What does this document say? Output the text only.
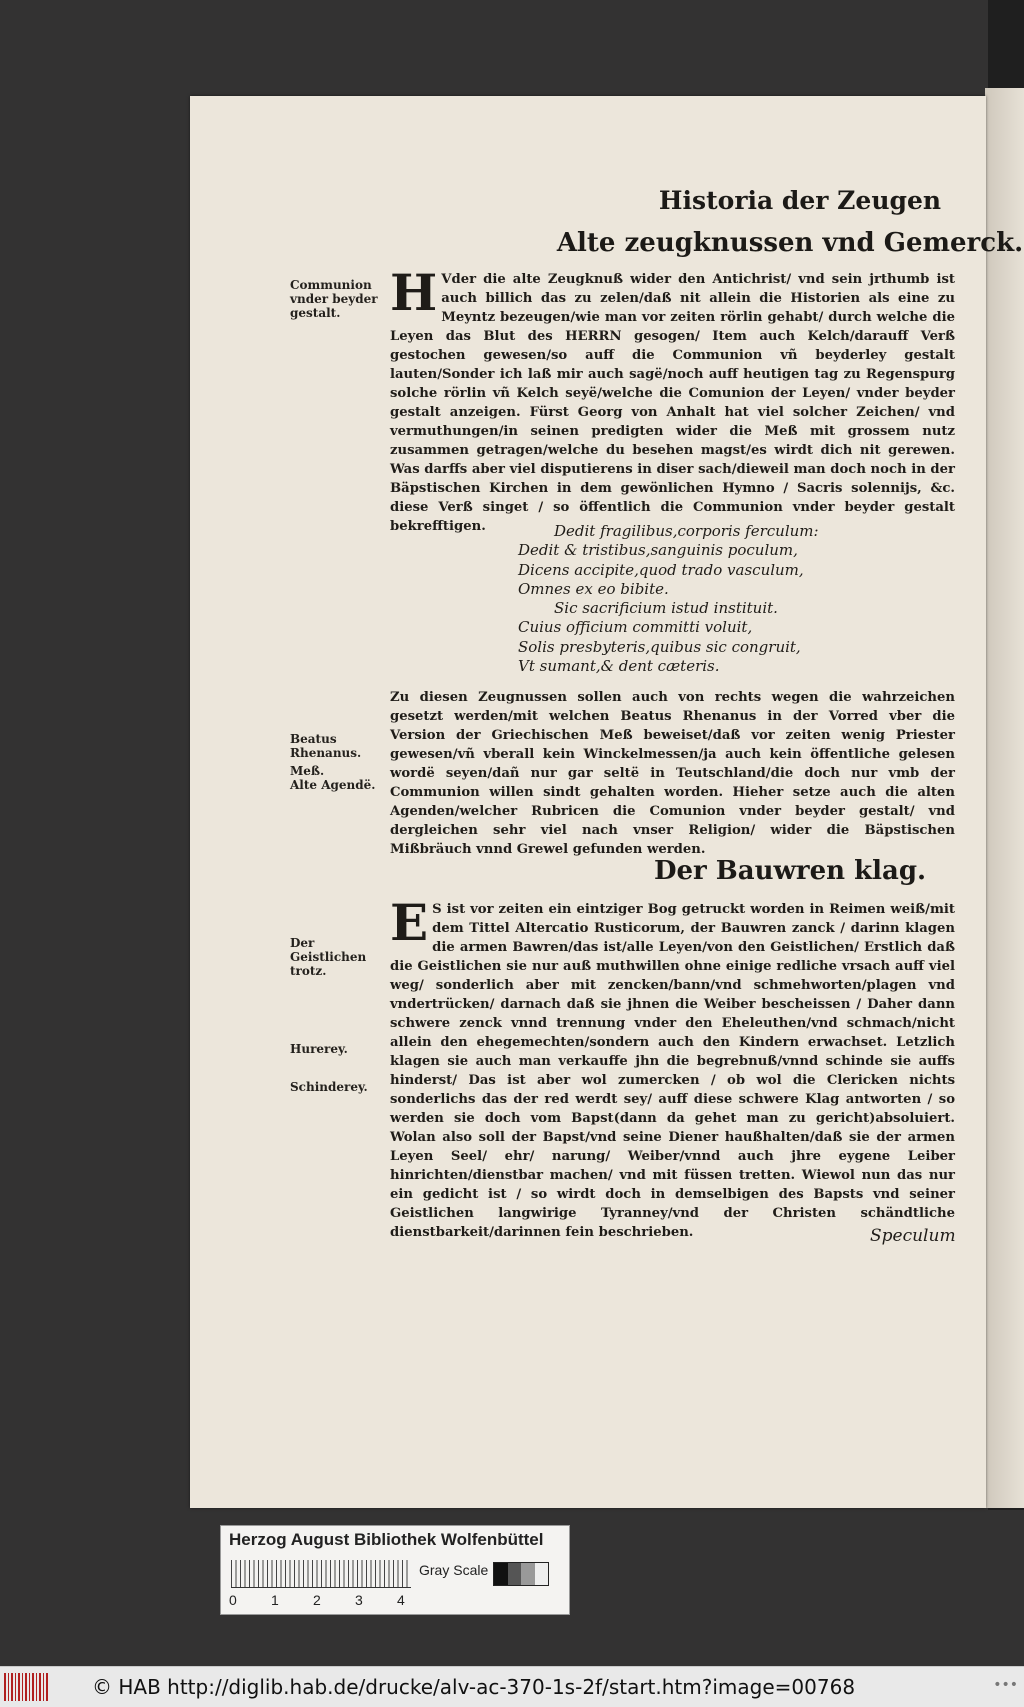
Historia der Zeugen
Alte zeugknussen vnd Gemerck.
Communion vnder beyder gestalt. H Vder die alte Zeugknuß wider den Antichrist/ vnd sein jrthumb ist auch billich das zu zelen/daß nit allein die Historien als eine zu Meyntz bezeugen/wie man vor zeiten rörlin gehabt/ durch welche die Leyen das Blut des HERRN gesogen/ Item auch Kelch/darauff Verß gestochen gewesen/so auff die Communion vñ beyderley gestalt lauten/Sonder ich laß mir auch sagë/noch auff heutigen tag zu Regenspurg solche rörlin vñ Kelch seyë/welche die Comunion der Leyen/ vnder beyder gestalt anzeigen. Fürst Georg von Anhalt hat viel solcher Zeichen/ vnd vermuthungen/in seinen predigten wider die Meß mit grossem nutz zusammen getragen/welche du besehen magst/es wirdt dich nit gerewen. Was darffs aber viel disputierens in diser sach/dieweil man doch noch in der Bäpstischen Kirchen in dem gewönlichen Hymno / Sacris solennijs, &c. diese Verß singet / so öffentlich die Communion vnder beyder gestalt bekrefftigen.	Dedit fragilibus,corporis ferculum:
Dedit & tristibus,sanguinis poculum,
Dicens accipite,quod trado vasculum,
Omnes ex eo bibite.
Sic sacrificium istud instituit.
Cuius officium committi voluit,
Solis presbyteris,quibus sic congruit,
Vt sumant,& dent cæteris.
Beatus Rhenanus.
Meß.
Alte Agendë.
Zu diesen Zeugnussen sollen auch von rechts wegen die wahrzeichen gesetzt werden/mit welchen Beatus Rhenanus in der Vorred vber die Version der Griechischen Meß beweiset/daß vor zeiten wenig Priester gewesen/vñ vberall kein Winckelmessen/ja auch kein öffentliche gelesen wordë seyen/dañ nur gar seltë in Teutschland/die doch nur vmb der Communion willen sindt gehalten worden. Hieher setze auch die alten Agenden/welcher Rubricen die Comunion vnder beyder gestalt/ vnd dergleichen sehr viel nach vnser Religion/ wider die Bäpstischen Mißbräuch vnnd Grewel gefunden werden.
Der Bauwren klag.
Der Geistlichen trotz.
Hurerey.
Schinderey.
E S ist vor zeiten ein eintziger Bog getruckt worden in Reimen weiß/mit dem Tittel Altercatio Rusticorum, der Bauwren zanck / darinn klagen die armen Bawren/das ist/alle Leyen/von den Geistlichen/ Erstlich daß die Geistlichen sie nur auß muthwillen ohne einige redliche vrsach auff viel weg/ sonderlich aber mit zencken/bann/vnd schmehworten/plagen vnd vndertrücken/ darnach daß sie jhnen die Weiber bescheissen / Daher dann schwere zenck vnnd trennung vnder den Eheleuthen/vnd schmach/nicht allein den ehegemechten/sondern auch den Kindern erwachset. Letzlich klagen sie auch man verkauffe jhn die begrebnuß/vnnd schinde sie auffs hinderst/ Das ist aber wol zumercken / ob wol die Clericken nichts sonderlichs das der red werdt sey/ auff diese schwere Klag antworten / so werden sie doch vom Bapst(dann da gehet man zu gericht)absoluiert. Wolan also soll der Bapst/vnd seine Diener haußhalten/daß sie der armen Leyen Seel/ ehr/ narung/ Weiber/vnnd auch jhre eygene Leiber hinrichten/dienstbar machen/ vnd mit füssen tretten. Wiewol nun das nur ein gedicht ist / so wirdt doch in demselbigen des Bapsts vnd seiner Geistlichen langwirige Tyranney/vnd der Christen schändtliche dienstbarkeit/darinnen fein beschrieben.	Speculum
Herzog August Bibliothek Wolfenbüttel
0 1 2 3 4
Gray Scale
© HAB http://diglib.hab.de/drucke/alv-ac-370-1s-2f/start.htm?image=00768	•••
